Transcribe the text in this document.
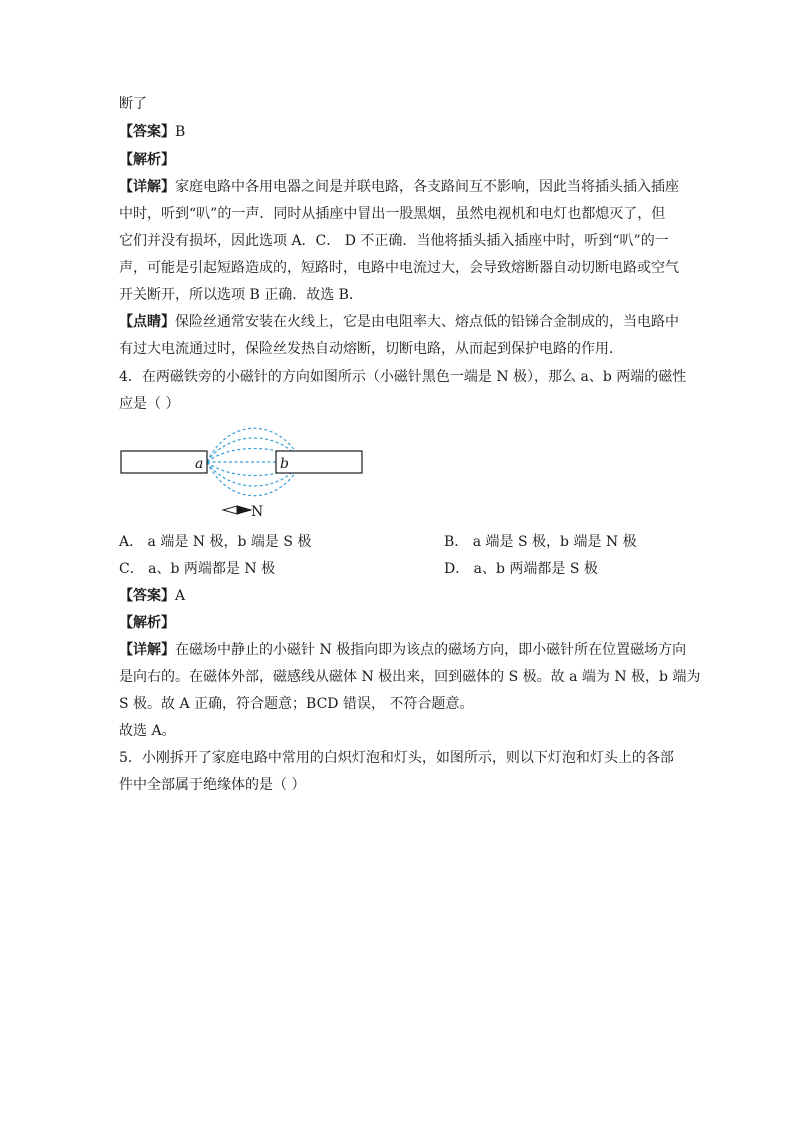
断了
【答案】B
【解析】
【详解】家庭电路中各用电器之间是并联电路，各支路间互不影响，因此当将插头插入插座
中时，听到“叭”的一声．同时从插座中冒出一股黑烟，虽然电视机和电灯也都熄灭了，但
它们并没有损坏，因此选项 A．C． D 不正确．当他将插头插入插座中时，听到“叭”的一
声，可能是引起短路造成的，短路时，电路中电流过大，会导致熔断器自动切断电路或空气
开关断开，所以选项 B 正确．故选 B．
【点睛】保险丝通常安装在火线上，它是由电阻率大、熔点低的铅锑合金制成的，当电路中
有过大电流通过时，保险丝发热自动熔断，切断电路，从而起到保护电路的作用．
4．在两磁铁旁的小磁针的方向如图所示（小磁针黑色一端是 N 极），那么 a、b 两端的磁性
应是（ ）
a	b
N
A． a 端是 N 极，b 端是 S 极	B． a 端是 S 极，b 端是 N 极
C． a、b 两端都是 N 极	D． a、b 两端都是 S 极
【答案】A
【解析】
【详解】在磁场中静止的小磁针 N 极指向即为该点的磁场方向，即小磁针所在位置磁场方向
是向右的。在磁体外部，磁感线从磁体 N 极出来，回到磁体的 S 极。故 a 端为 N 极，b 端为
S 极。故 A 正确，符合题意；BCD 错误， 不符合题意。
故选 A。
5．小刚拆开了家庭电路中常用的白炽灯泡和灯头，如图所示，则以下灯泡和灯头上的各部
件中全部属于绝缘体的是（ ）
